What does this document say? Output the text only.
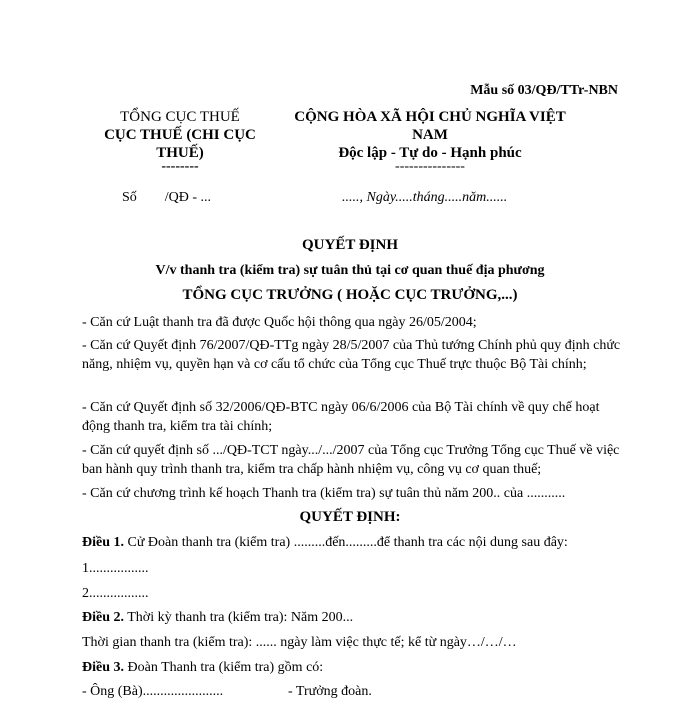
Mẫu số 03/QĐ/TTr-NBN
TỔNG CỤC THUẾ
CỤC THUẾ (CHI CỤC
THUẾ)
--------
CỘNG HÒA XÃ HỘI CHỦ NGHĨA VIỆT
NAM
Độc lập - Tự do - Hạnh phúc
---------------
Số        /QĐ - ...	....., Ngày.....tháng.....năm......
QUYẾT ĐỊNH
V/v thanh tra (kiểm tra) sự tuân thủ tại cơ quan thuế địa phương
TỔNG CỤC TRƯỞNG ( HOẶC CỤC TRƯỞNG,...)
- Căn cứ Luật thanh tra đã được Quốc hội thông qua ngày 26/05/2004;
- Căn cứ Quyết định 76/2007/QĐ-TTg ngày 28/5/2007 của Thủ tướng Chính phủ quy định chức năng, nhiệm vụ, quyền hạn và cơ cấu tổ chức của Tổng cục Thuế trực thuộc Bộ Tài chính;
- Căn cứ Quyết định số 32/2006/QĐ-BTC ngày 06/6/2006 của Bộ Tài chính về quy chế hoạt động thanh tra, kiểm tra tài chính;
- Căn cứ quyết định số .../QĐ-TCT ngày.../.../2007 của Tổng cục Trưởng Tổng cục Thuế về việc ban hành quy trình thanh tra, kiểm tra chấp hành nhiệm vụ, công vụ cơ quan thuế;
- Căn cứ chương trình kế hoạch Thanh tra (kiểm tra) sự tuân thủ năm 200.. của ...........
QUYẾT ĐỊNH:
Điều 1. Cử Đoàn thanh tra (kiểm tra) .........đến.........để thanh tra các nội dung sau đây:
1.................
2.................
Điều 2. Thời kỳ thanh tra (kiểm tra): Năm 200...
Thời gian thanh tra (kiểm tra): ...... ngày làm việc thực tế; kể từ ngày…/…/…
Điều 3. Đoàn Thanh tra (kiểm tra) gồm có:
- Ông (Bà).......................	- Trưởng đoàn.
